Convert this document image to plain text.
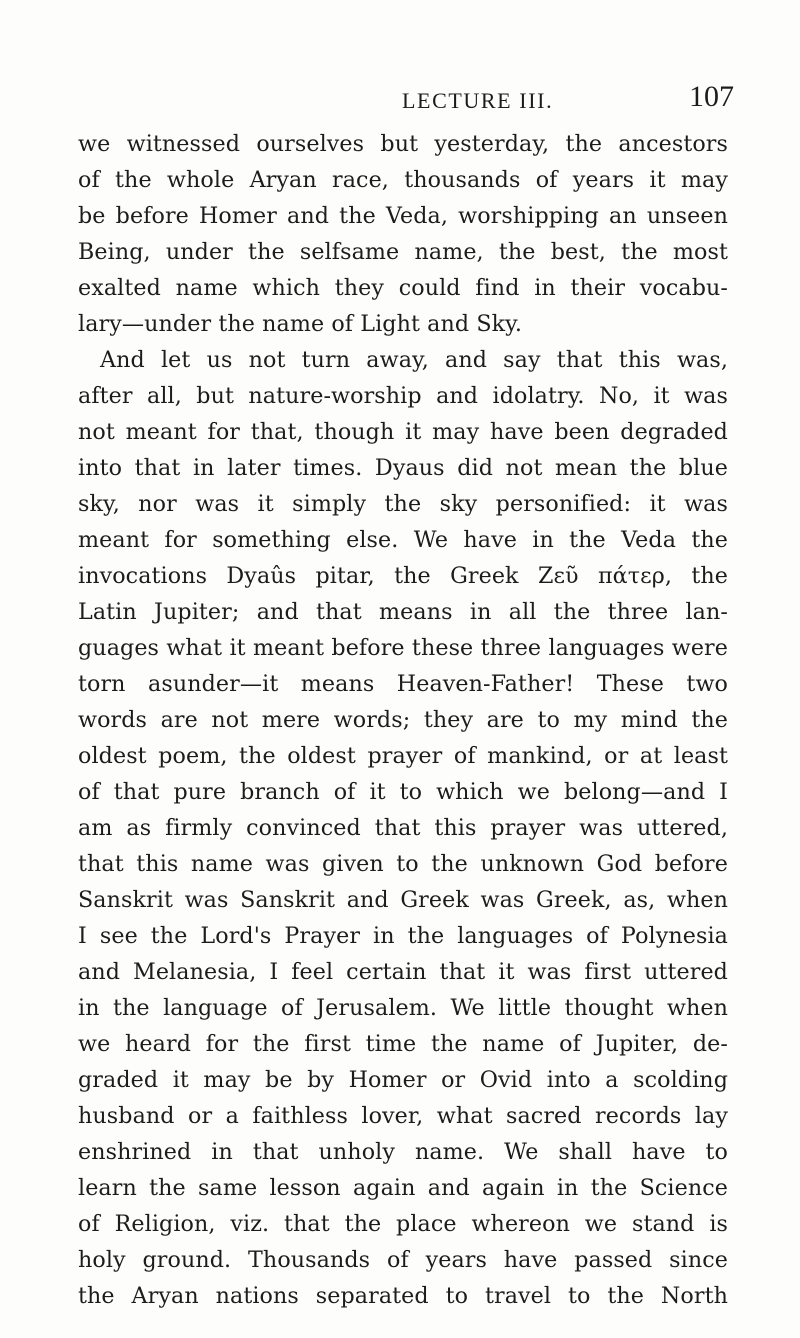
LECTURE III.	107
we witnessed ourselves but yesterday, the ancestors
of the whole Aryan race, thousands of years it may
be before Homer and the Veda, worshipping an unseen
Being, under the selfsame name, the best, the most
exalted name which they could find in their vocabu-
lary—under the name of Light and Sky.
And let us not turn away, and say that this was,
after all, but nature-worship and idolatry. No, it was
not meant for that, though it may have been degraded
into that in later times. Dyaus did not mean the blue
sky, nor was it simply the sky personified: it was
meant for something else. We have in the Veda the
invocations Dyaûs pitar, the Greek Ζεῦ πάτερ, the
Latin Jupiter; and that means in all the three lan-
guages what it meant before these three languages were
torn asunder—it means Heaven-Father! These two
words are not mere words; they are to my mind the
oldest poem, the oldest prayer of mankind, or at least
of that pure branch of it to which we belong—and I
am as firmly convinced that this prayer was uttered,
that this name was given to the unknown God before
Sanskrit was Sanskrit and Greek was Greek, as, when
I see the Lord's Prayer in the languages of Polynesia
and Melanesia, I feel certain that it was first uttered
in the language of Jerusalem. We little thought when
we heard for the first time the name of Jupiter, de-
graded it may be by Homer or Ovid into a scolding
husband or a faithless lover, what sacred records lay
enshrined in that unholy name. We shall have to
learn the same lesson again and again in the Science
of Religion, viz. that the place whereon we stand is
holy ground. Thousands of years have passed since
the Aryan nations separated to travel to the North
